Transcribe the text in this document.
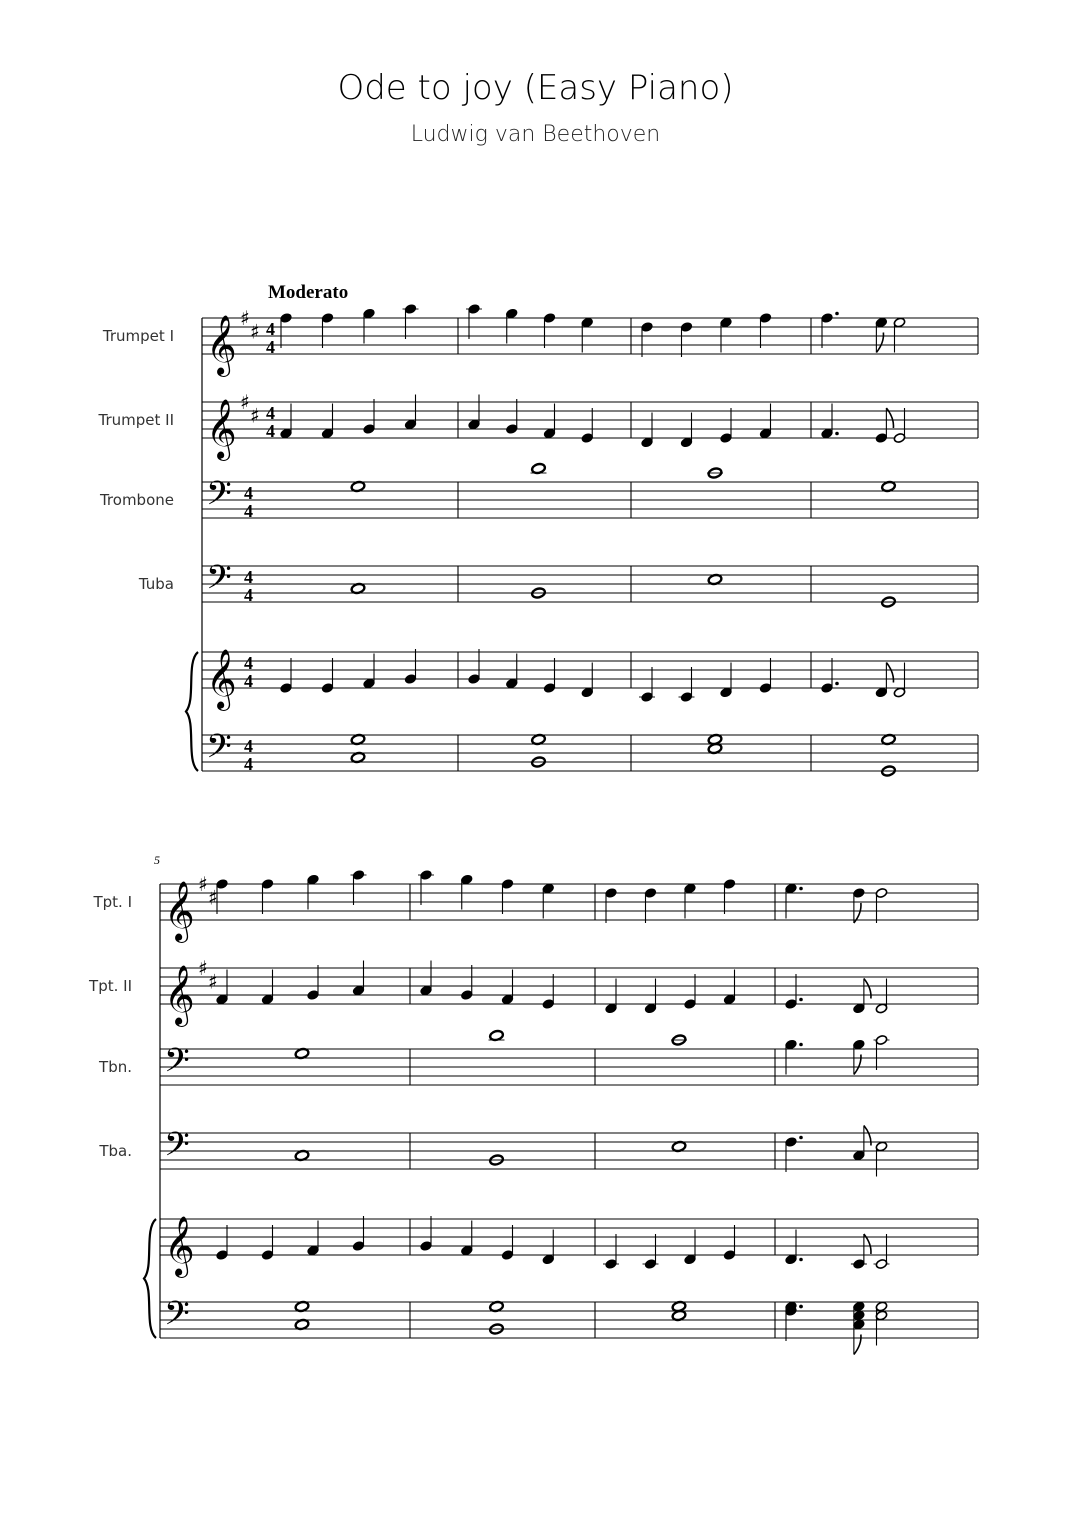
Ode to joy (Easy Piano)
Ludwig van Beethoven
Moderato
Trumpet I 𝄞 ♯
♯ 4
4
Trumpet II 𝄞 ♯
♯ 4
4
Trombone 𝄢 4
4
Tuba 𝄢 4
4
𝄞 4
4
𝄢 4
4
5
Tpt. I 𝄞 ♯
♯
Tpt. II 𝄞 ♯
♯
Tbn. 𝄢
Tba. 𝄢
𝄞
𝄢
